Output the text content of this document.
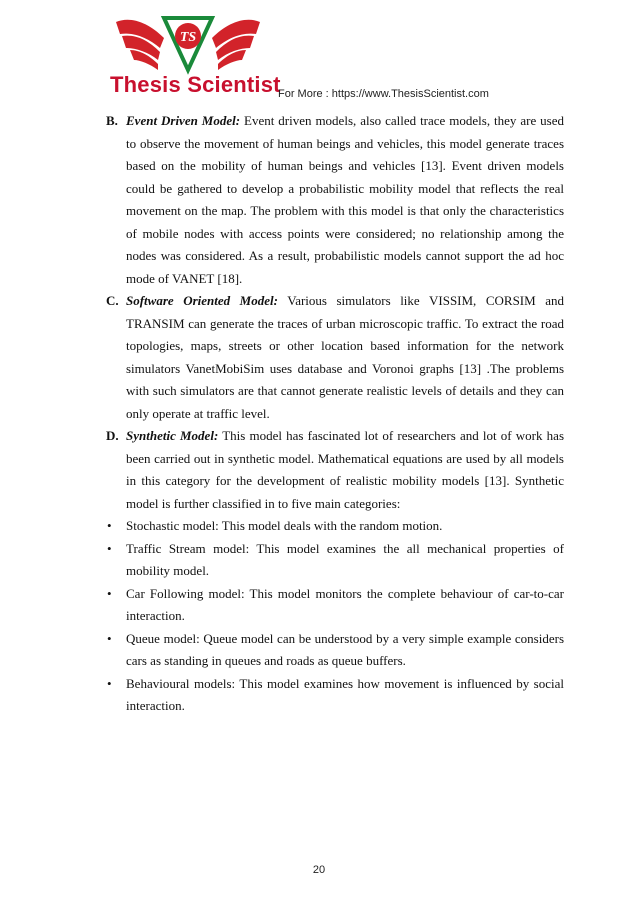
TS
Thesis Scientist
For More : https://www.ThesisScientist.com

B. Event Driven Model: Event driven models, also called trace models, they are used to observe the movement of human beings and vehicles, this model generate traces based on the mobility of human beings and vehicles [13]. Event driven models could be gathered to develop a probabilistic mobility model that reflects the real movement on the map. The problem with this model is that only the characteristics of mobile nodes with access points were considered; no relationship among the nodes was considered. As a result, probabilistic models cannot support the ad hoc mode of VANET [18].

C. Software Oriented Model: Various simulators like VISSIM, CORSIM and TRANSIM can generate the traces of urban microscopic traffic. To extract the road topologies, maps, streets or other location based information for the network simulators VanetMobiSim uses database and Voronoi graphs [13] .The problems with such simulators are that cannot generate realistic levels of details and they can only operate at traffic level.

D. Synthetic Model: This model has fascinated lot of researchers and lot of work has been carried out in synthetic model. Mathematical equations are used by all models in this category for the development of realistic mobility models [13]. Synthetic model is further classified in to five main categories:

• Stochastic model: This model deals with the random motion.
• Traffic Stream model: This model examines the all mechanical properties of mobility model.
• Car Following model: This model monitors the complete behaviour of car-to-car interaction.
• Queue model: Queue model can be understood by a very simple example considers cars as standing in queues and roads as queue buffers.
• Behavioural models: This model examines how movement is influenced by social interaction.
20
